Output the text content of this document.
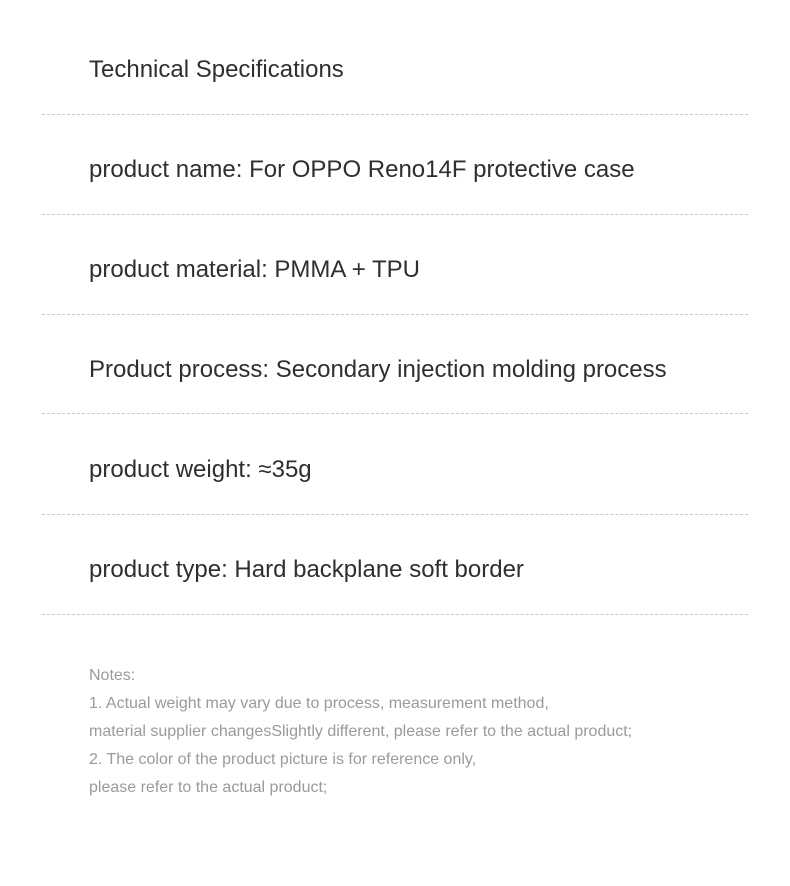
Technical Specifications
product name: For OPPO Reno14F protective case
product material: PMMA + TPU
Product process: Secondary injection molding process
product weight: ≈35g
product type: Hard backplane soft border
Notes:
1. Actual weight may vary due to process, measurement method,
material supplier changesSlightly different, please refer to the actual product;
2. The color of the product picture is for reference only,
please refer to the actual product;
